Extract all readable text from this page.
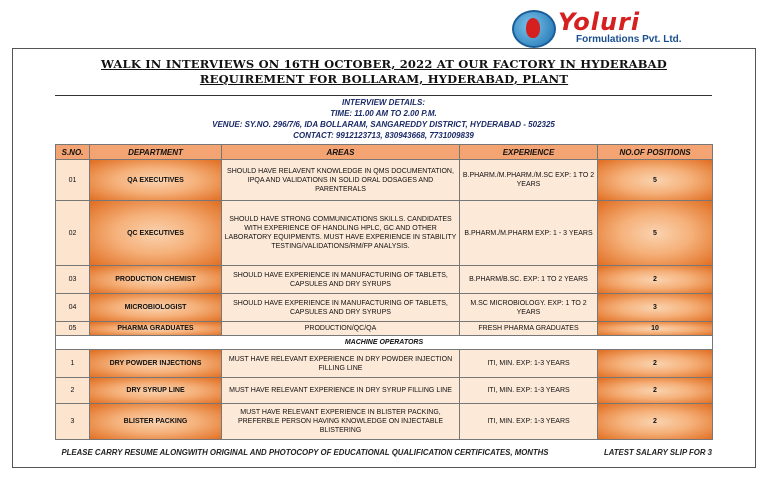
Yoluri
Formulations Pvt. Ltd.
WALK IN INTERVIEWS ON 16TH OCTOBER, 2022 AT OUR FACTORY IN HYDERABAD
REQUIREMENT FOR BOLLARAM, HYDERABAD, PLANT
INTERVIEW DETAILS:
TIME: 11.00 AM TO 2.00 P.M.
VENUE: SY.NO. 296/7/6, IDA BOLLARAM, SANGAREDDY DISTRICT, HYDERABAD - 502325
CONTACT: 9912123713, 830943668, 7731009839
S.NO.	DEPARTMENT	AREAS	EXPERIENCE	NO.OF POSITIONS
01	QA EXECUTIVES	SHOULD HAVE RELAVENT KNOWLEDGE IN QMS DOCUMENTATION, IPQA AND VALIDATIONS IN SOLID ORAL DOSAGES AND PARENTERALS	B.PHARM./M.PHARM./M.SC EXP: 1 TO 2 YEARS	5
02	QC EXECUTIVES	SHOULD HAVE STRONG COMMUNICATIONS SKILLS. CANDIDATES WITH EXPERIENCE OF HANDLING HPLC, GC AND OTHER LABORATORY EQUIPMENTS. MUST HAVE EXPERIENCE IN STABILITY TESTING/VALIDATIONS/RM/FP ANALYSIS.	B.PHARM./M.PHARM EXP: 1 - 3 YEARS	5
03	PRODUCTION CHEMIST	SHOULD HAVE EXPERIENCE IN MANUFACTURING OF TABLETS, CAPSULES AND DRY SYRUPS	B.PHARM/B.SC. EXP: 1 TO 2 YEARS	2
04	MICROBIOLOGIST	SHOULD HAVE EXPERIENCE IN MANUFACTURING OF TABLETS, CAPSULES AND DRY SYRUPS	M.SC MICROBIOLOGY. EXP: 1 TO 2 YEARS	3
05	PHARMA GRADUATES	PRODUCTION/QC/QA	FRESH PHARMA GRADUATES	10
MACHINE OPERATORS				
1	DRY POWDER INJECTIONS	MUST HAVE RELEVANT EXPERIENCE IN DRY POWDER INJECTION FILLING LINE	ITI, MIN. EXP: 1-3 YEARS	2
2	DRY SYRUP LINE	MUST HAVE RELEVANT EXPERIENCE IN DRY SYRUP FILLING LINE	ITI, MIN. EXP: 1-3 YEARS	2
3	BLISTER PACKING	MUST HAVE RELEVANT EXPERIENCE IN BLISTER PACKING, PREFERBLE PERSON HAVING KNOWLEDGE ON INJECTABLE BLISTERING	ITI, MIN. EXP: 1-3 YEARS	2
PLEASE CARRY RESUME ALONGWITH ORIGINAL AND PHOTOCOPY OF EDUCATIONAL QUALIFICATION CERTIFICATES, MONTHS	LATEST SALARY SLIP FOR 3
